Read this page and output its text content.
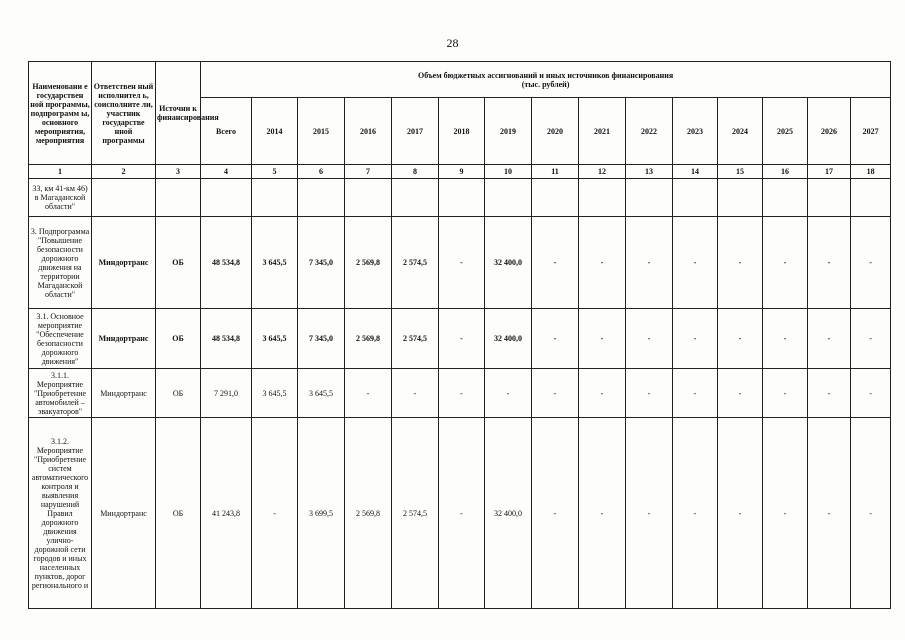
28
Наименовани е государствен ной программы, подпрограмм ы, основного мероприятия, мероприятия	Ответствен ный исполнител ь, соисполните ли, участник государстве нной программы	Источни к финансирования	Объем бюджетных ассигнований и иных источников финансирования
(тыс. рублей)														

			Всего	2014	2015	2016	2017	2018	2019	2020	2021	2022	2023	2024	2025	2026	2027
1	2	3	4	5	6	7	8	9	10	11	12	13	14	15	16	17	18
33, км 41-км 46) в Магаданской области"																	
3. Подпрограмма "Повышение безопасности дорожного движения на территории Магаданской области"	Миндортранс	ОБ	48 534,8	3 645,5	7 345,0	2 569,8	2 574,5	-	32 400,0	-	-	-	-	-	-	-	-
3.1. Основное мероприятие "Обеспечение безопасности дорожного движения"	Миндортранс	ОБ	48 534,8	3 645,5	7 345,0	2 569,8	2 574,5	-	32 400,0	-	-	-	-	-	-	-	-
3.1.1. Мероприятие "Приобретение автомобилей – эвакуаторов"	Миндортранс	ОБ	7 291,0	3 645,5	3 645,5	-	-	-	-	-	-	-	-	-	-	-	-
3.1.2. Мероприятие "Приобретение систем автоматического контроля и выявления нарушений Правил дорожного движения улично-дорожной сети городов и иных населенных пунктов, дорог регионального и	Миндортранс	ОБ	41 243,8	-	3 699,5	2 569,8	2 574,5	-	32 400,0	-	-	-	-	-	-	-	-
